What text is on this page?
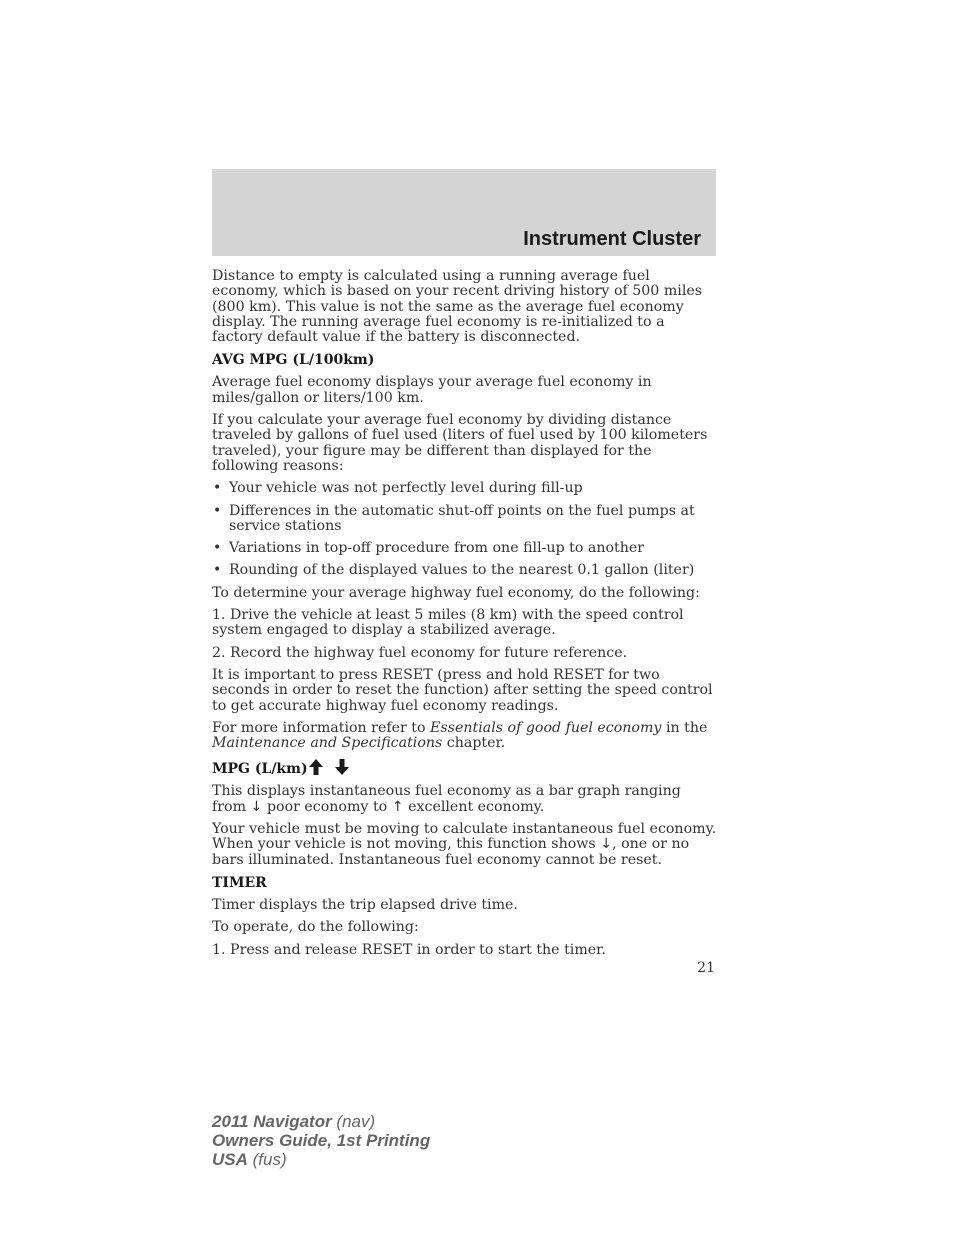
Instrument Cluster

Distance to empty is calculated using a running average fuel economy, which is based on your recent driving history of 500 miles (800 km). This value is not the same as the average fuel economy display. The running average fuel economy is re-initialized to a factory default value if the battery is disconnected.

AVG MPG (L/100km)

Average fuel economy displays your average fuel economy in miles/gallon or liters/100 km.

If you calculate your average fuel economy by dividing distance traveled by gallons of fuel used (liters of fuel used by 100 kilometers traveled), your figure may be different than displayed for the following reasons:

• Your vehicle was not perfectly level during fill-up
• Differences in the automatic shut-off points on the fuel pumps at service stations
• Variations in top-off procedure from one fill-up to another
• Rounding of the displayed values to the nearest 0.1 gallon (liter)

To determine your average highway fuel economy, do the following:

1. Drive the vehicle at least 5 miles (8 km) with the speed control system engaged to display a stabilized average.

2. Record the highway fuel economy for future reference.

It is important to press RESET (press and hold RESET for two seconds in order to reset the function) after setting the speed control to get accurate highway fuel economy readings.

For more information refer to Essentials of good fuel economy in the Maintenance and Specifications chapter.

MPG (L/km)

This displays instantaneous fuel economy as a bar graph ranging from ↓ poor economy to ↑ excellent economy.

Your vehicle must be moving to calculate instantaneous fuel economy. When your vehicle is not moving, this function shows ↓, one or no bars illuminated. Instantaneous fuel economy cannot be reset.

TIMER

Timer displays the trip elapsed drive time.

To operate, do the following:

1. Press and release RESET in order to start the timer.

21
2011 Navigator (nav)
Owners Guide, 1st Printing
USA (fus)
